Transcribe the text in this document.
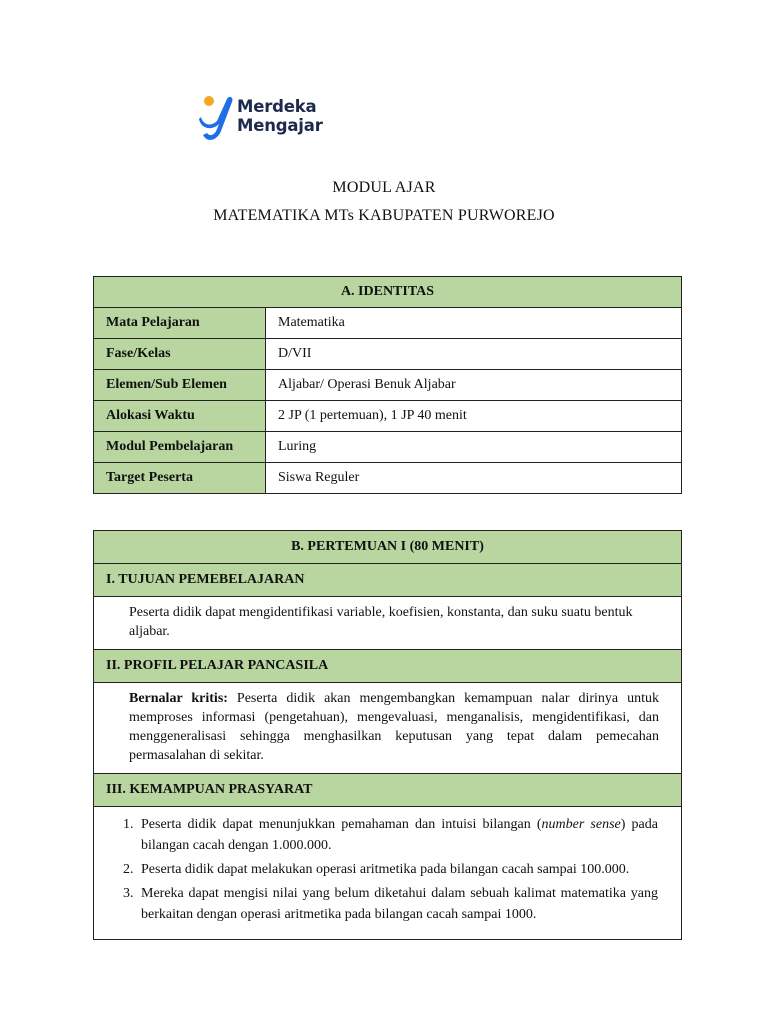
Merdeka
Mengajar
MODUL AJAR
MATEMATIKA MTs KABUPATEN PURWOREJO
A. IDENTITAS	
Mata Pelajaran	Matematika
Fase/Kelas	D/VII
Elemen/Sub Elemen	Aljabar/ Operasi Benuk Aljabar
Alokasi Waktu	2 JP (1 pertemuan), 1 JP 40 menit
Modul Pembelajaran	Luring
Target Peserta	Siswa Reguler
B. PERTEMUAN I (80 MENIT)
I. TUJUAN PEMEBELAJARAN
Peserta didik dapat mengidentifikasi variable, koefisien, konstanta, dan suku suatu bentuk aljabar.
II. PROFIL PELAJAR PANCASILA
Bernalar kritis: Peserta didik akan mengembangkan kemampuan nalar dirinya untuk memproses informasi (pengetahuan), mengevaluasi, menganalisis, mengidentifikasi, dan menggeneralisasi sehingga menghasilkan keputusan yang tepat dalam pemecahan permasalahan di sekitar.
III. KEMAMPUAN PRASYARAT

1. Peserta didik dapat menunjukkan pemahaman dan intuisi bilangan (number sense) pada bilangan cacah dengan 1.000.000.
2. Peserta didik dapat melakukan operasi aritmetika pada bilangan cacah sampai 100.000.
3. Mereka dapat mengisi nilai yang belum diketahui dalam sebuah kalimat matematika yang berkaitan dengan operasi aritmetika pada bilangan cacah sampai 1000.
